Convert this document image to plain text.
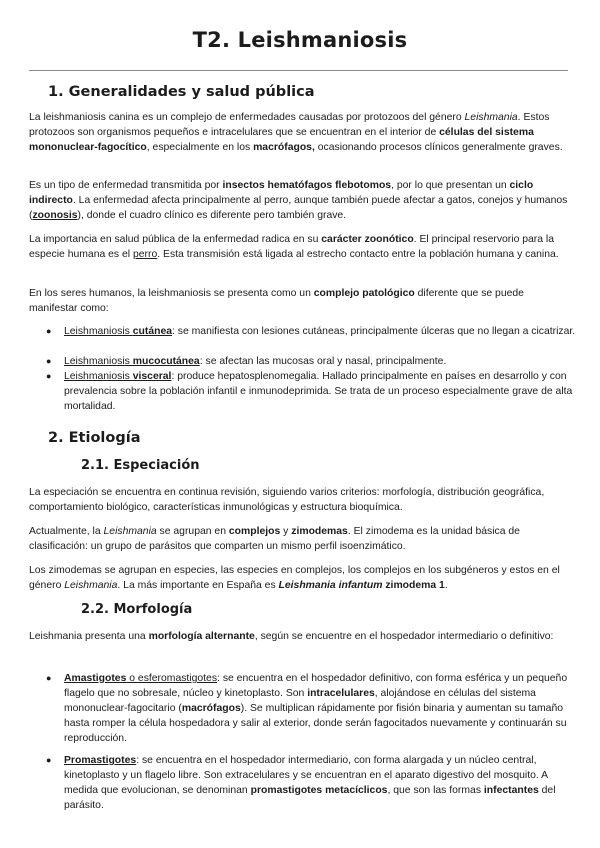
T2. Leishmaniosis
1. Generalidades y salud pública
La leishmaniosis canina es un complejo de enfermedades causadas por protozoos del género Leishmania. Estos protozoos son organismos pequeños e intracelulares que se encuentran en el interior de células del sistema mononuclear-fagocítico, especialmente en los macrófagos, ocasionando procesos clínicos generalmente graves.
Es un tipo de enfermedad transmitida por insectos hematófagos flebotomos, por lo que presentan un ciclo indirecto. La enfermedad afecta principalmente al perro, aunque también puede afectar a gatos, conejos y humanos (zoonosis), donde el cuadro clínico es diferente pero también grave.
La importancia en salud pública de la enfermedad radica en su carácter zoonótico. El principal reservorio para la especie humana es el perro. Esta transmisión está ligada al estrecho contacto entre la población humana y canina.
En los seres humanos, la leishmaniosis se presenta como un complejo patológico diferente que se puede manifestar como:
● Leishmaniosis cutánea: se manifiesta con lesiones cutáneas, principalmente úlceras que no llegan a cicatrizar.
● Leishmaniosis mucocutánea: se afectan las mucosas oral y nasal, principalmente.
● Leishmaniosis visceral: produce hepatosplenomegalia. Hallado principalmente en países en desarrollo y con prevalencia sobre la población infantil e inmunodeprimida. Se trata de un proceso especialmente grave de alta mortalidad.
2. Etiología
2.1. Especiación
La especiación se encuentra en continua revisión, siguiendo varios criterios: morfología, distribución geográfica, comportamiento biológico, características inmunológicas y estructura bioquímica.
Actualmente, la Leishmania se agrupan en complejos y zimodemas. El zimodema es la unidad básica de clasificación: un grupo de parásitos que comparten un mismo perfil isoenzimático.
Los zimodemas se agrupan en especies, las especies en complejos, los complejos en los subgéneros y estos en el género Leishmania. La más importante en España es Leishmania infantum zimodema 1.
2.2. Morfología
Leishmania presenta una morfología alternante, según se encuentre en el hospedador intermediario o definitivo:
● Amastigotes o esferomastigotes: se encuentra en el hospedador definitivo, con forma esférica y un pequeño flagelo que no sobresale, núcleo y kinetoplasto. Son intracelulares, alojándose en células del sistema mononuclear-fagocitario (macrófagos). Se multiplican rápidamente por fisión binaria y aumentan su tamaño hasta romper la célula hospedadora y salir al exterior, donde serán fagocitados nuevamente y continuarán su reproducción.
● Promastigotes: se encuentra en el hospedador intermediario, con forma alargada y un núcleo central, kinetoplasto y un flagelo libre. Son extracelulares y se encuentran en el aparato digestivo del mosquito. A medida que evolucionan, se denominan promastigotes metacíclicos, que son las formas infectantes del parásito.
